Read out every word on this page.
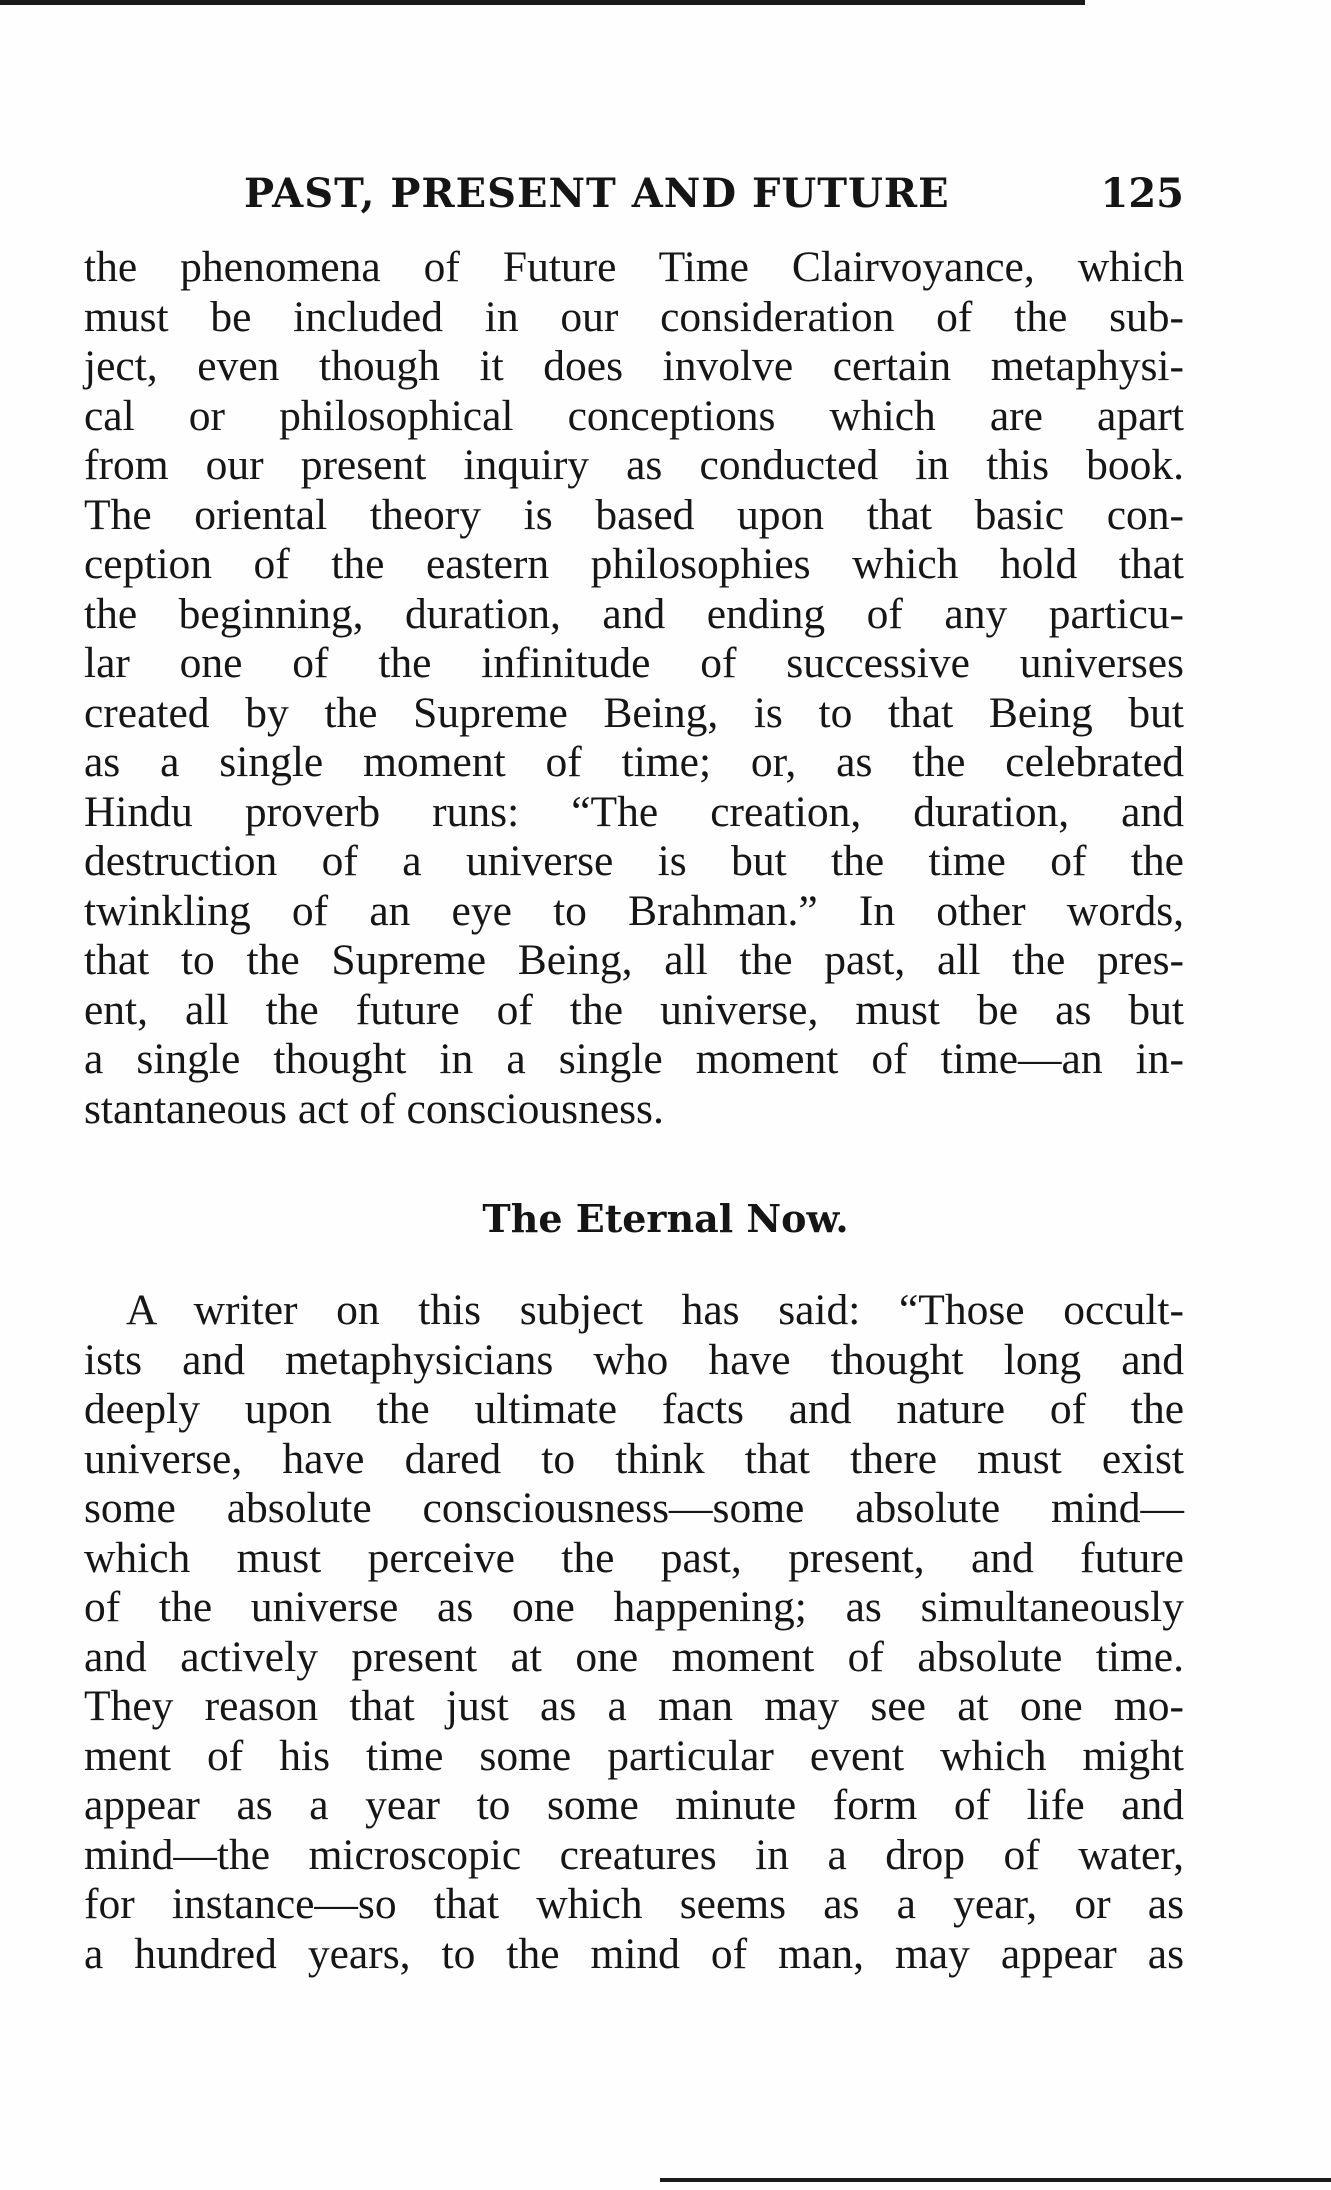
PAST, PRESENT AND FUTURE	125
the phenomena of Future Time Clairvoyance, which
must be included in our consideration of the sub-
ject, even though it does involve certain metaphysi-
cal or philosophical conceptions which are apart
from our present inquiry as conducted in this book.
The oriental theory is based upon that basic con-
ception of the eastern philosophies which hold that
the beginning, duration, and ending of any particu-
lar one of the infinitude of successive universes
created by the Supreme Being, is to that Being but
as a single moment of time; or, as the celebrated
Hindu proverb runs: “The creation, duration, and
destruction of a universe is but the time of the
twinkling of an eye to Brahman.” In other words,
that to the Supreme Being, all the past, all the pres-
ent, all the future of the universe, must be as but
a single thought in a single moment of time—an in-
stantaneous act of consciousness.
The Eternal Now.
A writer on this subject has said: “Those occult-
ists and metaphysicians who have thought long and
deeply upon the ultimate facts and nature of the
universe, have dared to think that there must exist
some absolute consciousness—some absolute mind—
which must perceive the past, present, and future
of the universe as one happening; as simultaneously
and actively present at one moment of absolute time.
They reason that just as a man may see at one mo-
ment of his time some particular event which might
appear as a year to some minute form of life and
mind—the microscopic creatures in a drop of water,
for instance—so that which seems as a year, or as
a hundred years, to the mind of man, may appear as
